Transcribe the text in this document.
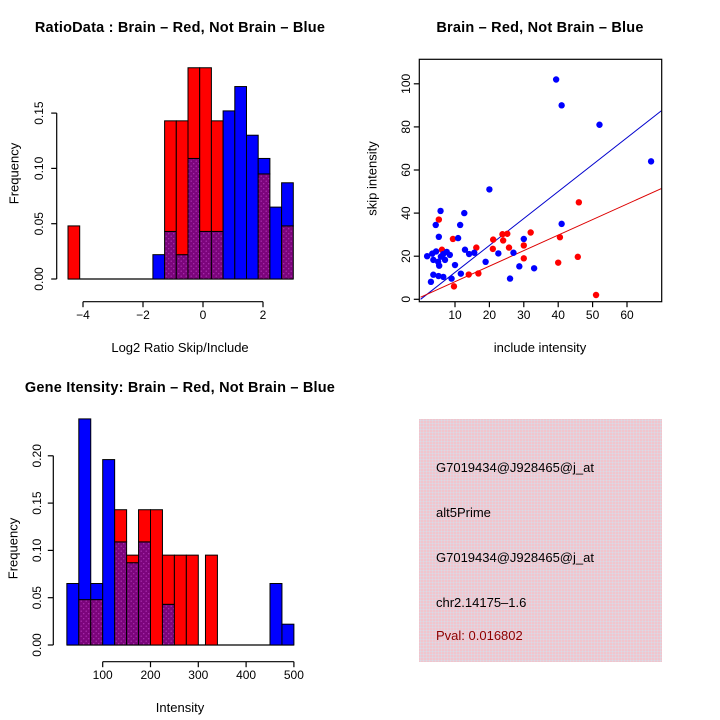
RatioData : Brain – Red, Not Brain – Blue
Frequency
Log2 Ratio Skip/Include
0.00
0.05
0.10
0.15
−4	−2	0	2
Brain – Red, Not Brain – Blue
skip intensity
include intensity
10 20 30 40 50 60
0
20
40
60
80
100
Gene Itensity: Brain – Red, Not Brain – Blue
Frequency
Intensity
0.00
0.05
0.10
0.15
0.20
100 200 300 400 500
G7019434@J928465@j_at
alt5Prime
G7019434@J928465@j_at
chr2.14175–1.6
Pval: 0.016802
